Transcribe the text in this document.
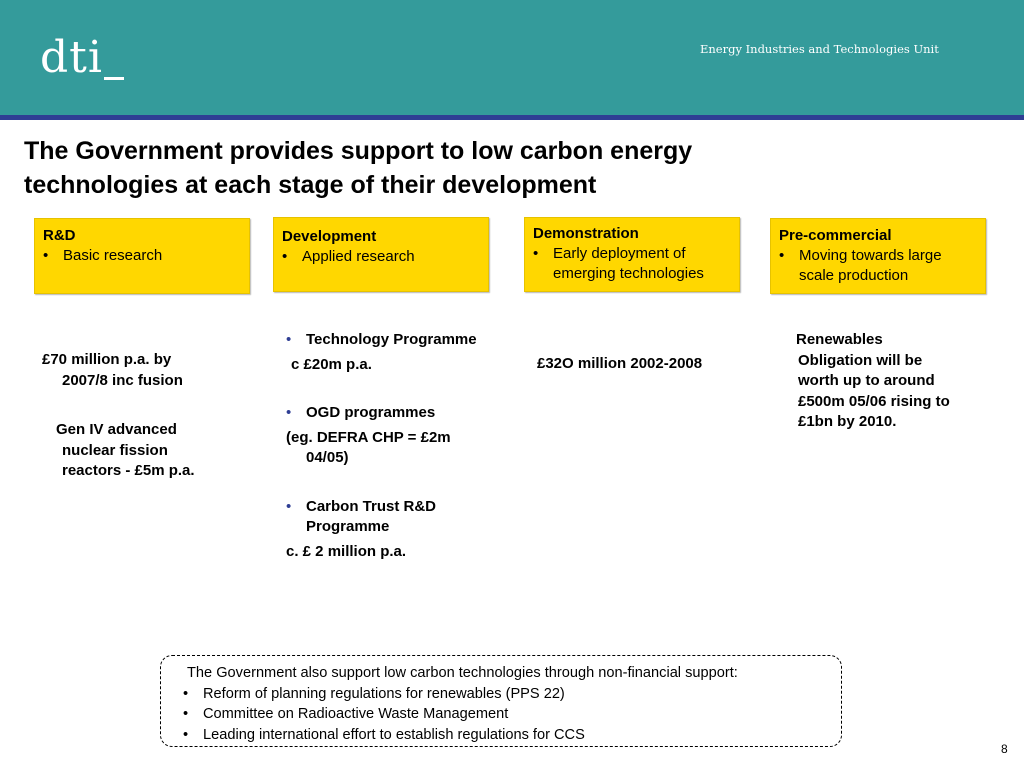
dti	Energy Industries and Technologies Unit
The Government provides support to low carbon energy
technologies at each stage of their development
R&D
• Basic research
Development
• Applied research
Demonstration
• Early deployment of
emerging technologies
Pre-commercial
• Moving towards large
scale production
£70 million p.a. by
2007/8 inc fusion
Gen IV advanced
nuclear fission
reactors - £5m p.a.
• Technology Programme
c £20m p.a.
• OGD programmes
(eg. DEFRA CHP = £2m
04/05)
• Carbon Trust R&D
Programme
c. £ 2 million p.a.
£32O million 2002-2008
Renewables
Obligation will be
worth up to around
£500m 05/06 rising to
£1bn by 2010.
The Government also support low carbon technologies through non-financial support:
•	Reform of planning regulations for renewables (PPS 22)
•	Committee on Radioactive Waste Management
•	Leading international effort to establish regulations for CCS
8
